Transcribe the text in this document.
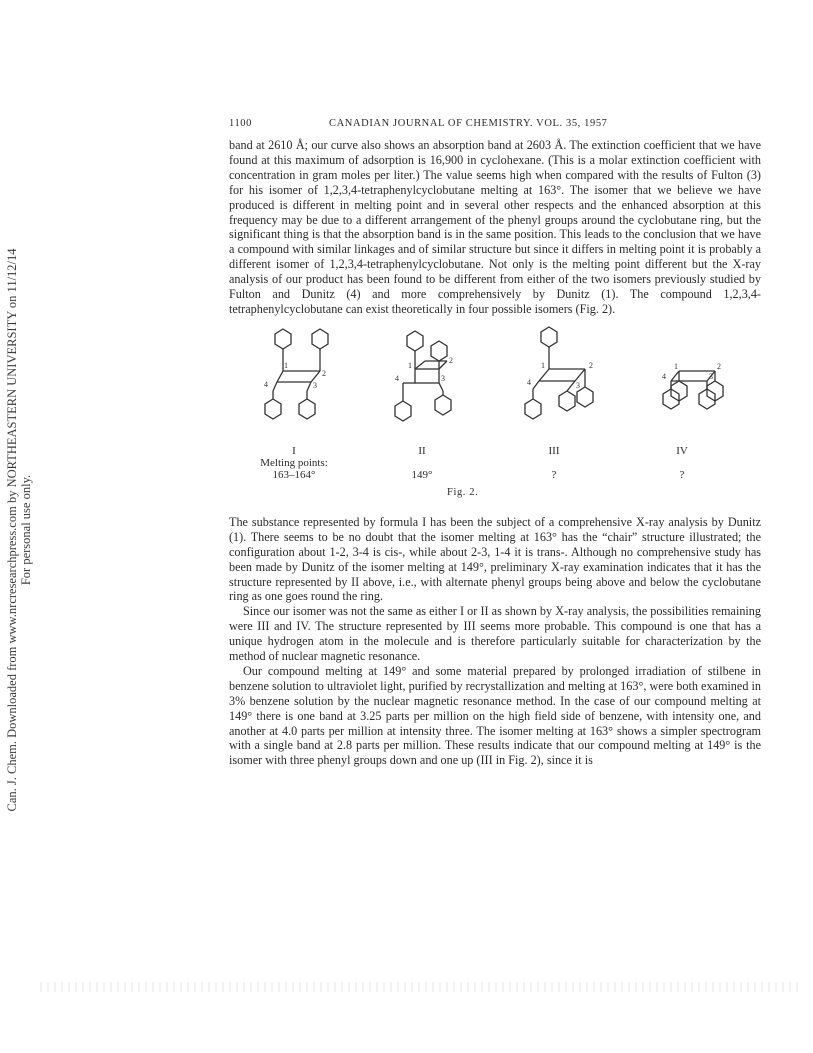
Can. J. Chem. Downloaded from www.nrcresearchpress.com by NORTHEASTERN UNIVERSITY on 11/12/14 For personal use only.
1100	CANADIAN JOURNAL OF CHEMISTRY. VOL. 35, 1957

band at 2610 Å; our curve also shows an absorption band at 2603 Å. The extinction coefficient that we have found at this maximum of adsorption is 16,900 in cyclohexane. (This is a molar extinction coefficient with concentration in gram moles per liter.) The value seems high when compared with the results of Fulton (3) for his isomer of 1,2,3,4-tetraphenylcyclobutane melting at 163°. The isomer that we believe we have produced is different in melting point and in several other respects and the enhanced absorption at this frequency may be due to a different arrangement of the phenyl groups around the cyclobutane ring, but the significant thing is that the absorption band is in the same position. This leads to the conclusion that we have a compound with similar linkages and of similar structure but since it differs in melting point it is probably a different isomer of 1,2,3,4-tetraphenylcyclobutane. Not only is the melting point different but the X-ray analysis of our product has been found to be different from either of the two isomers previously studied by Fulton and Dunitz (4) and more comprehensively by Dunitz (1). The compound 1,2,3,4-tetraphenylcyclobutane can exist theoretically in four possible isomers (Fig. 2).

1
2
3
4
1
2
3
4
1	2
3
4
1	2
3
4
I
Melting points:
163–164°
II
149°
III
?
IV
?
Fig. 2.

The substance represented by formula I has been the subject of a comprehensive X-ray analysis by Dunitz (1). There seems to be no doubt that the isomer melting at 163° has the “chair” structure illustrated; the configuration about 1-2, 3-4 is cis-, while about 2-3, 1-4 it is trans-. Although no comprehensive study has been made by Dunitz of the isomer melting at 149°, preliminary X-ray examination indicates that it has the structure represented by II above, i.e., with alternate phenyl groups being above and below the cyclobutane ring as one goes round the ring.

Since our isomer was not the same as either I or II as shown by X-ray analysis, the possibilities remaining were III and IV. The structure represented by III seems more probable. This compound is one that has a unique hydrogen atom in the molecule and is therefore particularly suitable for characterization by the method of nuclear magnetic resonance.

Our compound melting at 149° and some material prepared by prolonged irradiation of stilbene in benzene solution to ultraviolet light, purified by recrystallization and melting at 163°, were both examined in 3% benzene solution by the nuclear magnetic resonance method. In the case of our compound melting at 149° there is one band at 3.25 parts per million on the high field side of benzene, with intensity one, and another at 4.0 parts per million at intensity three. The isomer melting at 163° shows a simpler spectrogram with a single band at 2.8 parts per million. These results indicate that our compound melting at 149° is the isomer with three phenyl groups down and one up (III in Fig. 2), since it is
